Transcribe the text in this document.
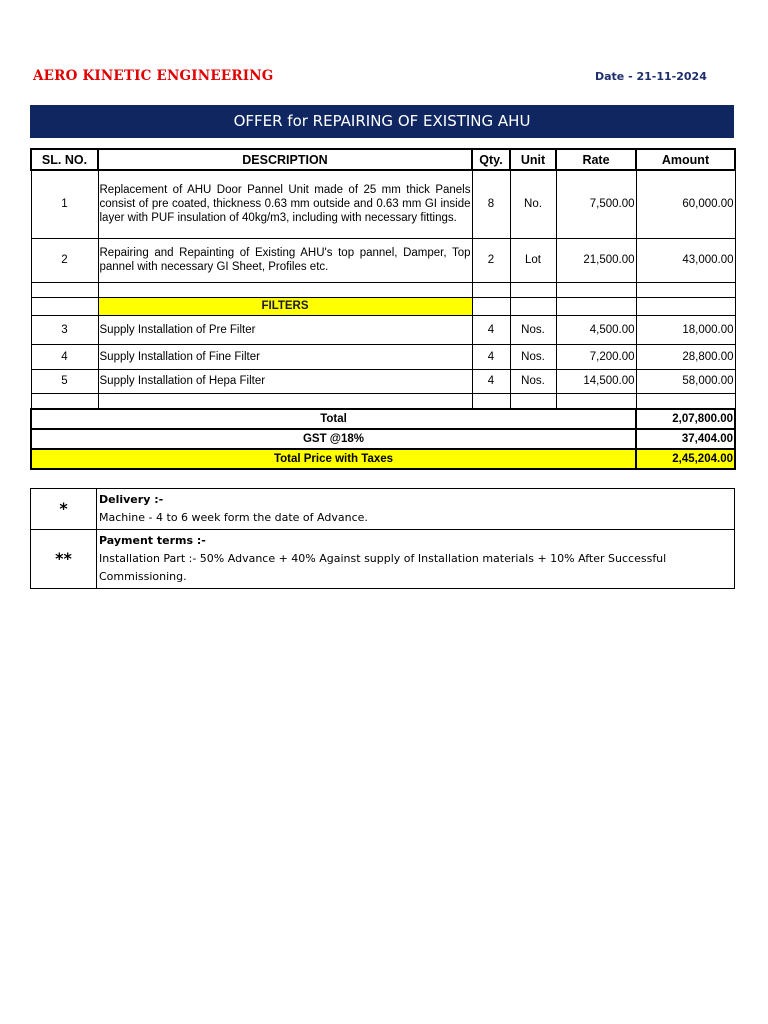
AERO KINETIC ENGINEERING	Date - 21-11-2024
OFFER for REPAIRING OF EXISTING AHU
SL. NO.	DESCRIPTION	Qty.	Unit	Rate	Amount
1	Replacement of AHU Door Pannel Unit made of 25 mm thick Panels consist of pre coated, thickness 0.63 mm outside and 0.63 mm GI inside layer with PUF insulation of 40kg/m3, including with necessary fittings.	8	No.	7,500.00	60,000.00
2	Repairing and Repainting of Existing AHU's top pannel, Damper, Top pannel with necessary GI Sheet, Profiles etc.	2	Lot	21,500.00	43,000.00

	FILTERS				
3	Supply Installation of Pre Filter	4	Nos.	4,500.00	18,000.00
4	Supply Installation of Fine Filter	4	Nos.	7,200.00	28,800.00
5	Supply Installation of Hepa Filter	4	Nos.	14,500.00	58,000.00

Total					2,07,800.00
GST @18%					37,404.00
Total Price with Taxes					2,45,204.00
*	Delivery :-
Machine - 4 to 6 week form the date of Advance.

**	Payment terms :-
Installation Part :- 50% Advance + 40% Against supply of Installation materials + 10% After Successful Commissioning.
